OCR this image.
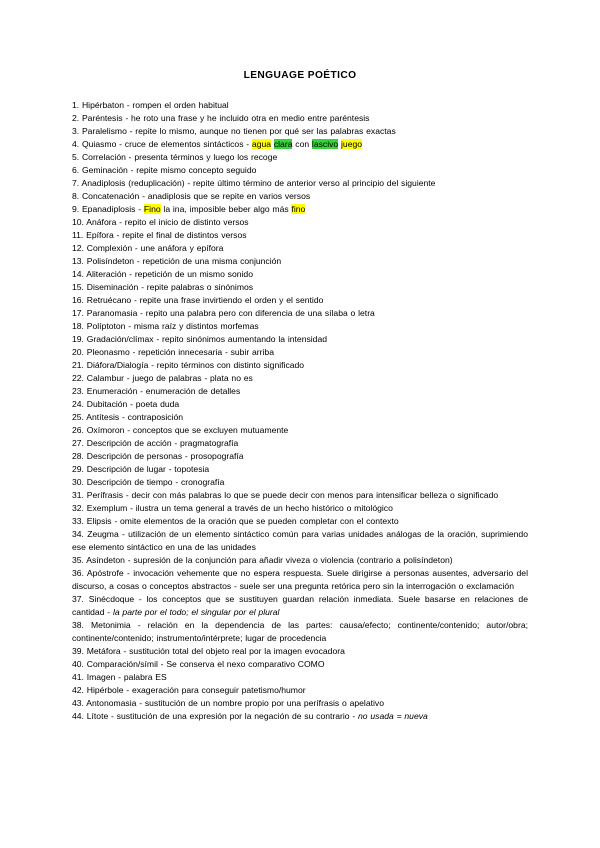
LENGUAGE POÉTICO
1. Hipérbaton - rompen el orden habitual
2. Paréntesis - he roto una frase y he incluido otra en medio entre paréntesis
3. Paralelismo - repite lo mismo, aunque no tienen por qué ser las palabras exactas
4. Quiasmo - cruce de elementos sintácticos - agua clara con lascivo juego
5. Correlación - presenta términos y luego los recoge
6. Geminación - repite mismo concepto seguido
7. Anadiplosis (reduplicación) - repite último término de anterior verso al principio del siguiente
8. Concatenación - anadiplosis que se repite en varios versos
9. Epanadiplosis - Fino la ina, imposible beber algo más fino
10. Anáfora - repito el inicio de distinto versos
11. Epífora - repite el final de distintos versos
12. Complexión - une anáfora y epífora
13. Polisíndeton - repetición de una misma conjunción
14. Aliteración - repetición de un mismo sonido
15. Diseminación - repite palabras o sinónimos
16. Retruécano - repite una frase invirtiendo el orden y el sentido
17. Paranomasia - repito una palabra pero con diferencia de una sílaba o letra
18. Políptoton - misma raíz y distintos morfemas
19. Gradación/clímax - repito sinónimos aumentando la intensidad
20. Pleonasmo - repetición innecesaria - subir arriba
21. Diáfora/Dialogía - repito términos con distinto significado
22. Calambur - juego de palabras - plata no es
23. Enumeración - enumeración de detalles
24. Dubitación - poeta duda
25. Antítesis - contraposición
26. Oxímoron - conceptos que se excluyen mutuamente
27. Descripción de acción - pragmatografía
28. Descripción de personas - prosopografía
29. Descripción de lugar - topotesia
30. Descripción de tiempo - cronografía
31. Perífrasis - decir con más palabras lo que se puede decir con menos para intensificar belleza o significado
32. Exemplum - ilustra un tema general a través de un hecho histórico o mitológico
33. Elipsis - omite elementos de la oración que se pueden completar con el contexto
34. Zeugma - utilización de un elemento sintáctico común para varias unidades análogas de la oración, suprimiendo ese elemento sintáctico en una de las unidades
35. Asíndeton - supresión de la conjunción para añadir viveza o violencia (contrario a polisíndeton)
36. Apóstrofe - invocación vehemente que no espera respuesta. Suele dirigirse a personas ausentes, adversario del discurso, a cosas o conceptos abstractos - suele ser una pregunta retórica pero sin la interrogación o exclamación
37. Sinécdoque - los conceptos que se sustituyen guardan relación inmediata. Suele basarse en relaciones de cantidad - la parte por el todo; el singular por el plural
38. Metonimia - relación en la dependencia de las partes: causa/efecto; continente/contenido; autor/obra; continente/contenido; instrumento/intérprete; lugar de procedencia
39. Metáfora - sustitución total del objeto real por la imagen evocadora
40. Comparación/símil - Se conserva el nexo comparativo COMO
41. Imagen - palabra ES
42. Hipérbole - exageración para conseguir patetismo/humor
43. Antonomasia - sustitución de un nombre propio por una perífrasis o apelativo
44. Lítote - sustitución de una expresión por la negación de su contrario - no usada = nueva
